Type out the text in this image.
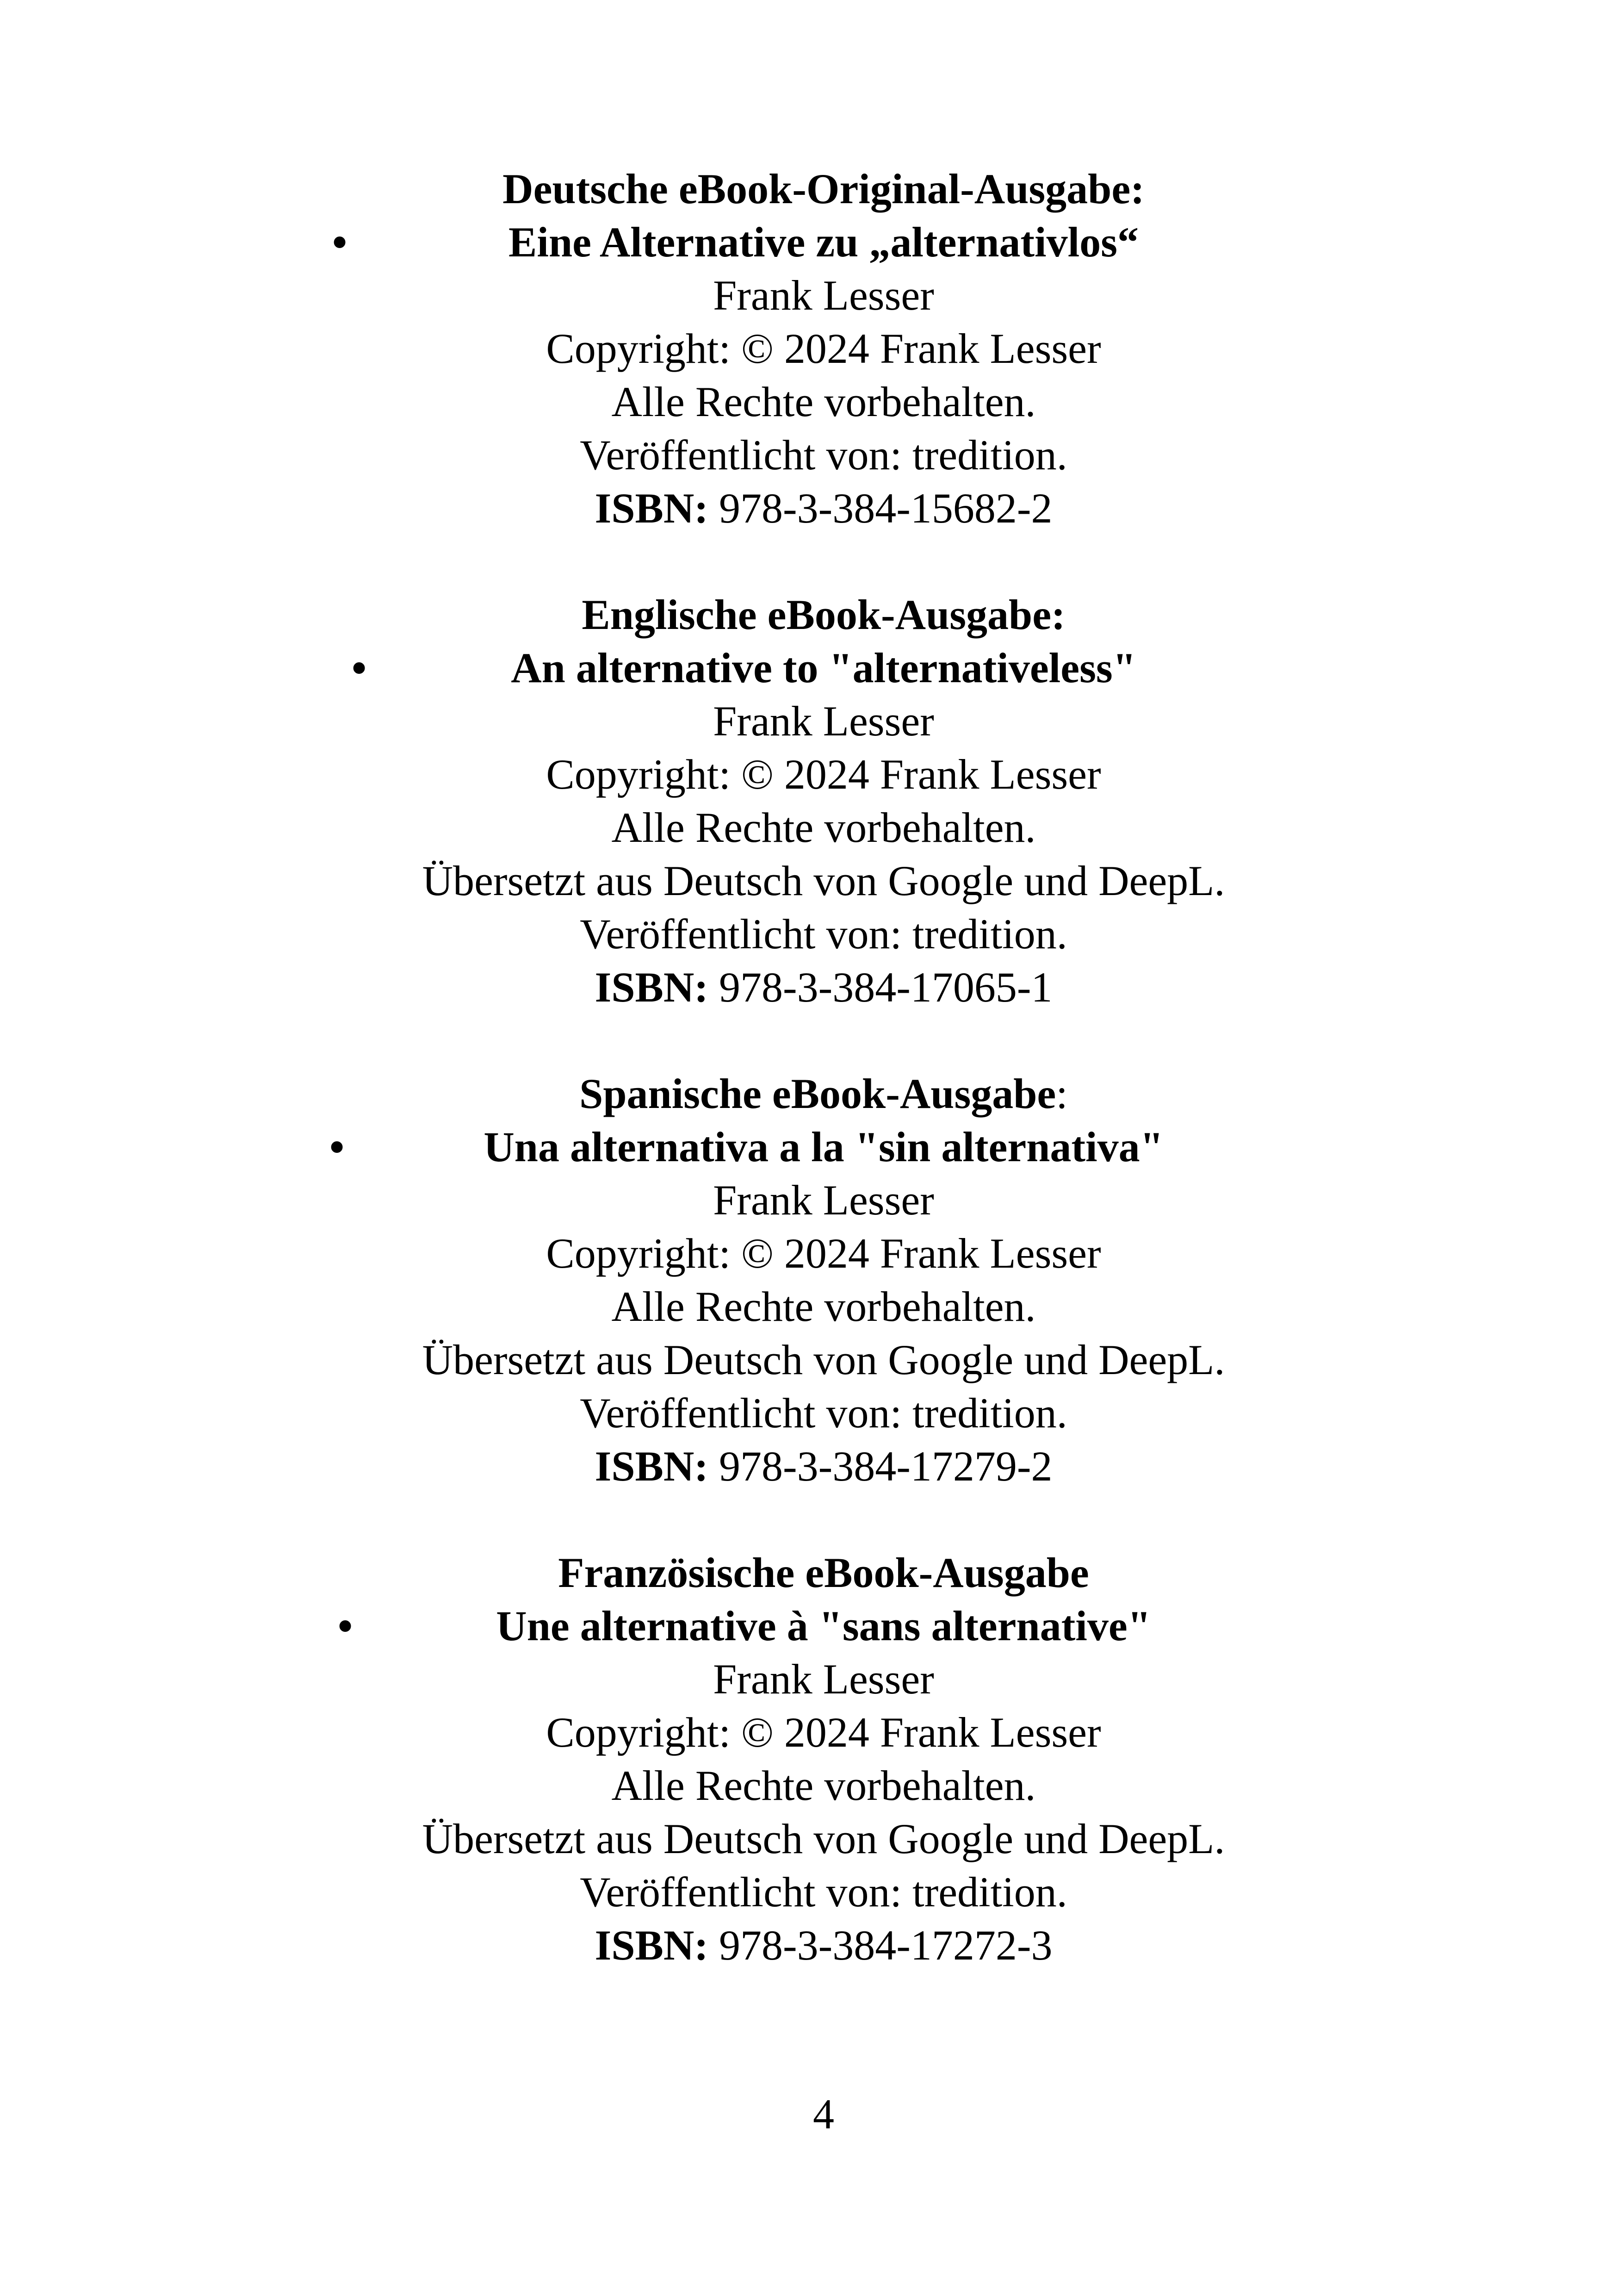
Deutsche eBook-Original-Ausgabe:
•	Eine Alternative zu „alternativlos“
Frank Lesser
Copyright: © 2024 Frank Lesser
Alle Rechte vorbehalten.
Veröffentlicht von: tredition.
ISBN: 978-3-384-15682-2
Englische eBook-Ausgabe:
•	An alternative to "alternativeless"
Frank Lesser
Copyright: © 2024 Frank Lesser
Alle Rechte vorbehalten.
Übersetzt aus Deutsch von Google und DeepL.
Veröffentlicht von: tredition.
ISBN: 978-3-384-17065-1
Spanische eBook-Ausgabe:
•	Una alternativa a la "sin alternativa"
Frank Lesser
Copyright: © 2024 Frank Lesser
Alle Rechte vorbehalten.
Übersetzt aus Deutsch von Google und DeepL.
Veröffentlicht von: tredition.
ISBN: 978-3-384-17279-2
Französische eBook-Ausgabe
•	Une alternative à "sans alternative"
Frank Lesser
Copyright: © 2024 Frank Lesser
Alle Rechte vorbehalten.
Übersetzt aus Deutsch von Google und DeepL.
Veröffentlicht von: tredition.
ISBN: 978-3-384-17272-3
4
